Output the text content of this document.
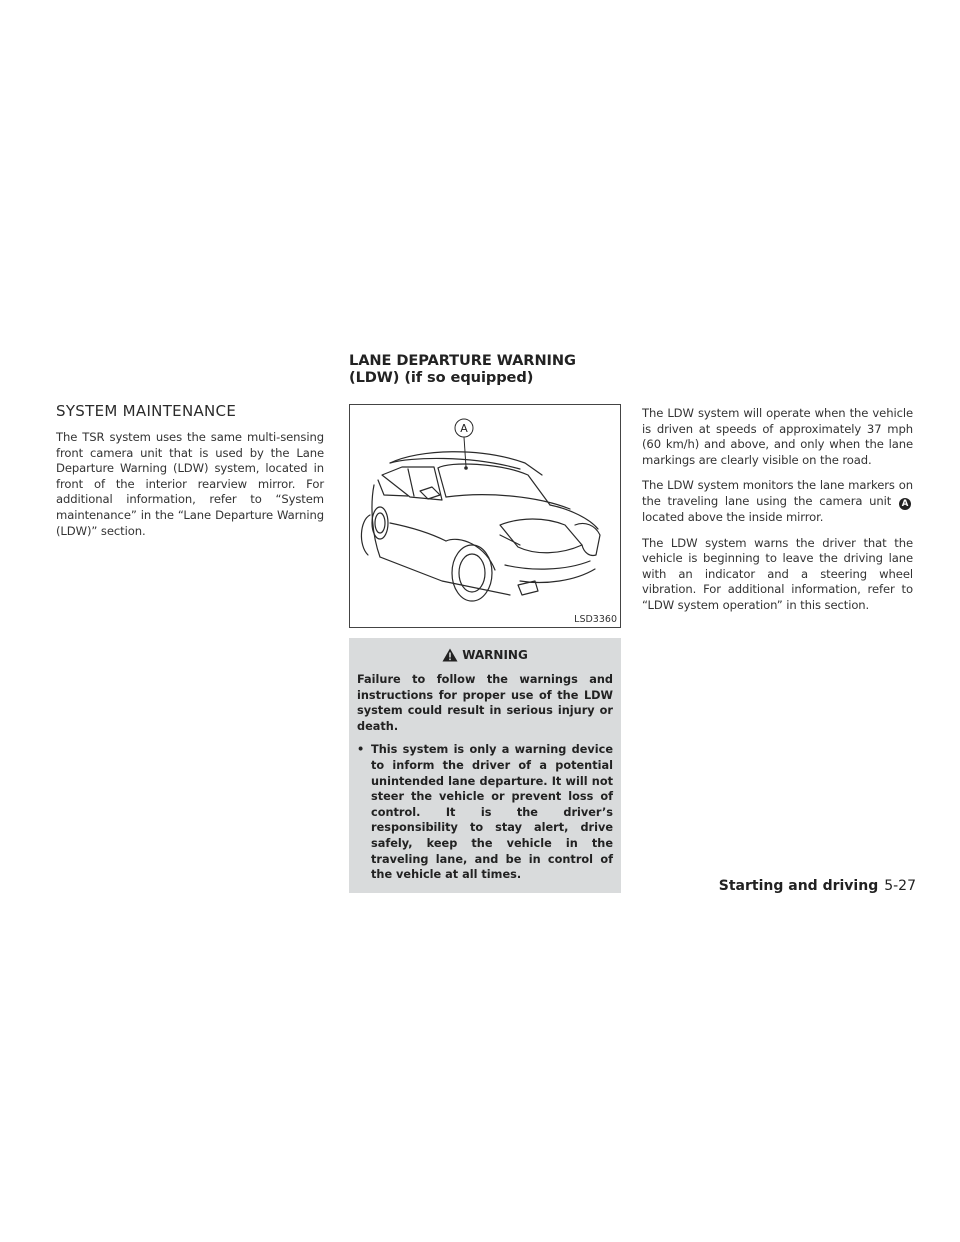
SYSTEM MAINTENANCE

The TSR system uses the same multi-sensing front camera unit that is used by the Lane Departure Warning (LDW) system, located in front of the interior rearview mirror. For additional information, refer to “System maintenance” in the “Lane Departure Warning (LDW)” section.

LANE DEPARTURE WARNING (LDW) (if so equipped)
A
LSD3360
WARNING

Failure to follow the warnings and instructions for proper use of the LDW system could result in serious injury or death.

• This system is only a warning device to inform the driver of a potential unintended lane departure. It will not steer the vehicle or prevent loss of control. It is the driver’s responsibility to stay alert, drive safely, keep the vehicle in the traveling lane, and be in control of the vehicle at all times.

The LDW system will operate when the vehicle is driven at speeds of approximately 37 mph (60 km/h) and above, and only when the lane markings are clearly visible on the road.

The LDW system monitors the lane markers on the traveling lane using the camera unit A located above the inside mirror.

The LDW system warns the driver that the vehicle is beginning to leave the driving lane with an indicator and a steering wheel vibration. For additional information, refer to “LDW system operation” in this section.

Starting and driving 5-27
